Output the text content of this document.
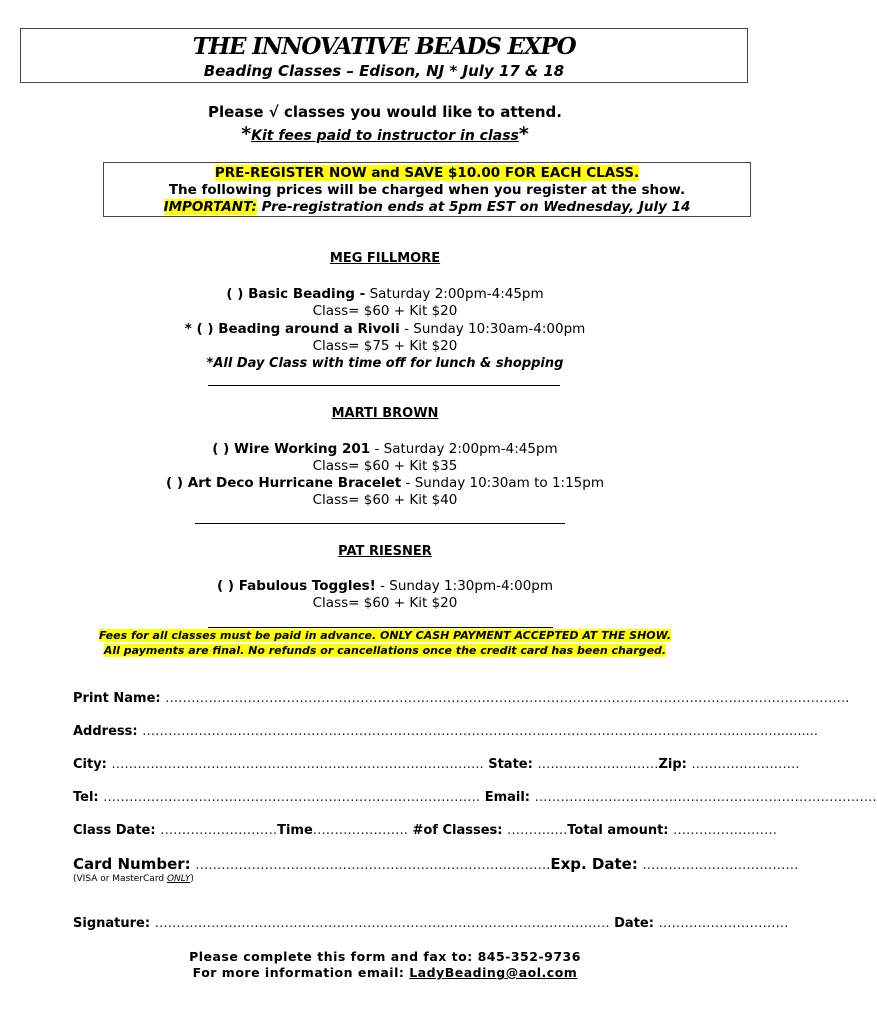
THE INNOVATIVE BEADS EXPO
Beading Classes – Edison, NJ * July 17 & 18
Please √ classes you would like to attend.
*Kit fees paid to instructor in class*
PRE-REGISTER NOW and SAVE $10.00 FOR EACH CLASS.
The following prices will be charged when you register at the show.
IMPORTANT: Pre-registration ends at 5pm EST on Wednesday, July 14
MEG FILLMORE
( ) Basic Beading - Saturday 2:00pm-4:45pm
Class= $60 + Kit $20
* ( ) Beading around a Rivoli - Sunday 10:30am-4:00pm
Class= $75 + Kit $20
*All Day Class with time off for lunch & shopping
MARTI BROWN
( ) Wire Working 201 - Saturday 2:00pm-4:45pm
Class= $60 + Kit $35
( ) Art Deco Hurricane Bracelet - Sunday 10:30am to 1:15pm
Class= $60 + Kit $40
PAT RIESNER
( ) Fabulous Toggles! - Sunday 1:30pm-4:00pm
Class= $60 + Kit $20
Fees for all classes must be paid in advance. ONLY CASH PAYMENT ACCEPTED AT THE SHOW.
All payments are final. No refunds or cancellations once the credit card has been charged.
Print Name: …………………………………………………………………………………………………………………….…………………….
Address: ………………………………………………………………………………………………………………………......................
City: ………………………………………………………………………….. State: ……………….………Zip: …………………….
Tel: …………………………………………………………………………… Email: …………………………………………………………………….
Class Date: ………………………Time…………………. #of Classes: ……….….Total amount: ……………………
Card Number: ……………………………………………………………………….Exp. Date: ………………………………
(VISA or MasterCard ONLY)
Signature: …………………………………………………………………………………………… Date: …………………………
Please complete this form and fax to: 845-352-9736
For more information email: LadyBeading@aol.com
